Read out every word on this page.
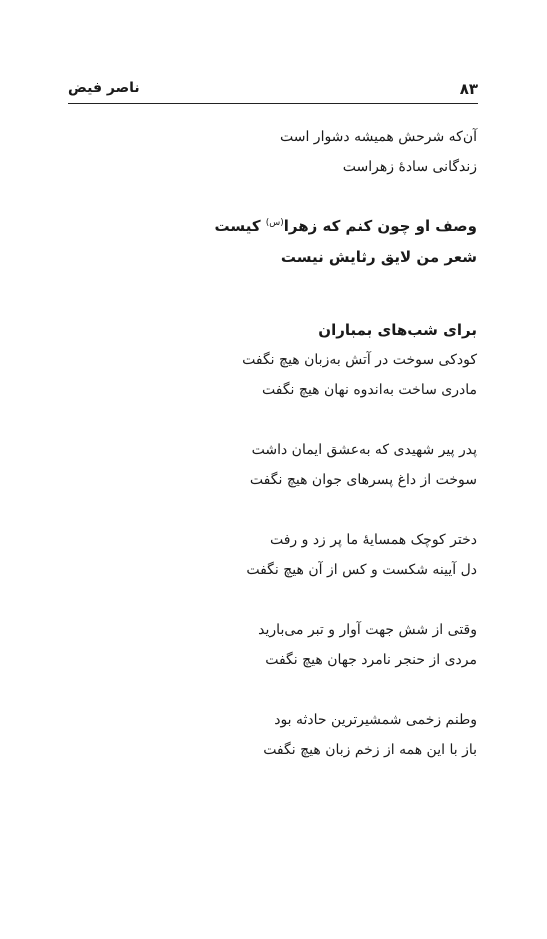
۸۳
ناصر فیض
آن‌که شرحش همیشه دشوار است
زندگانی سادهٔ زهراست
وصف او چون کنم که زهرا$^{(س)}$ کیست
شعر من لایق رثایش نیست
برای شب‌های بمباران
کودکی سوخت در آتش به‌زبان هیچ نگفت
مادری ساخت به‌اندوه نهان هیچ نگفت
پدر پیر شهیدی که به‌عشق ایمان داشت
سوخت از داغ پسرهای جوان هیچ نگفت
دختر کوچک همسایهٔ ما پر زد و رفت
دل آیینه شکست و کس از آن هیچ نگفت
وقتی از شش جهت آوار و تبر می‌بارید
مردی از حنجر نامرد جهان هیچ نگفت
وطنم زخمی شمشیرترین حادثه بود
باز با این همه از زخم زبان هیچ نگفت
